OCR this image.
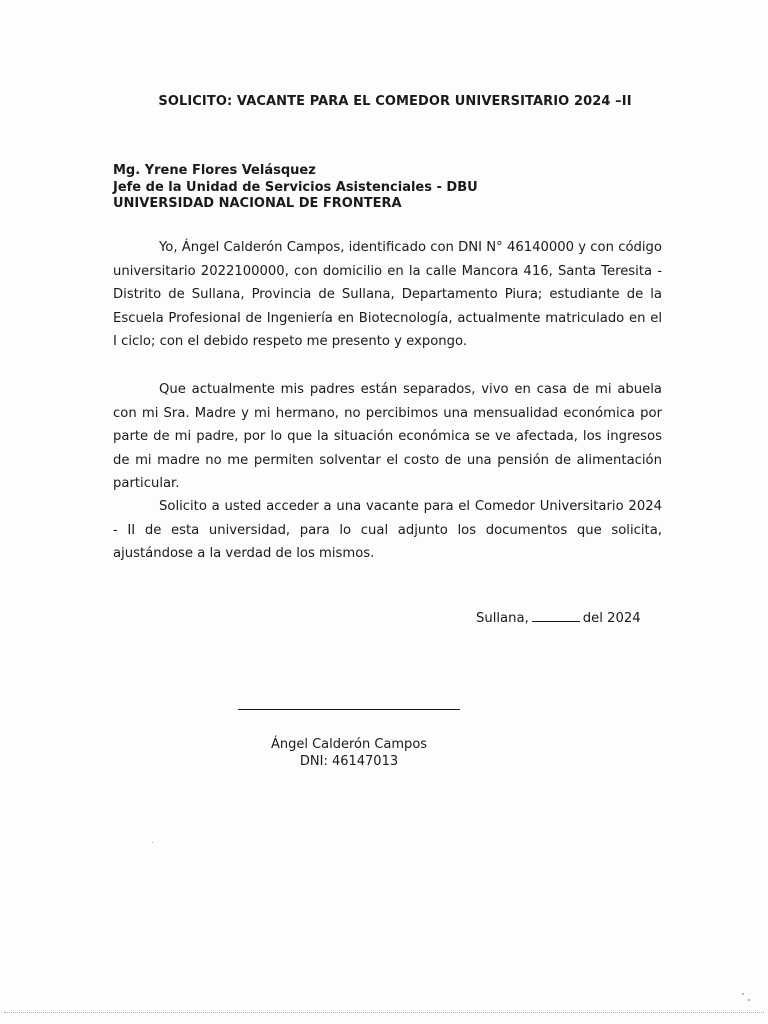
SOLICITO: VACANTE PARA EL COMEDOR UNIVERSITARIO 2024 –II
Mg. Yrene Flores Velásquez
Jefe de la Unidad de Servicios Asistenciales - DBU
UNIVERSIDAD NACIONAL DE FRONTERA
Yo, Ángel Calderón Campos, identificado con DNI N° 46140000 y con código universitario 2022100000, con domicilio en la calle Mancora 416, Santa Teresita - Distrito de Sullana, Provincia de Sullana, Departamento Piura; estudiante de la Escuela Profesional de Ingeniería en Biotecnología, actualmente matriculado en el I ciclo; con el debido respeto me presento y expongo.
Que actualmente mis padres están separados, vivo en casa de mi abuela con mi Sra. Madre y mi hermano, no percibimos una mensualidad económica por parte de mi padre, por lo que la situación económica se ve afectada, los ingresos de mi madre no me permiten solventar el costo de una pensión de alimentación particular.
Solicito a usted acceder a una vacante para el Comedor Universitario 2024 - II de esta universidad, para lo cual adjunto los documentos que solicita, ajustándose a la verdad de los mismos.
Sullana,	del 2024
Ángel Calderón Campos
DNI: 46147013
